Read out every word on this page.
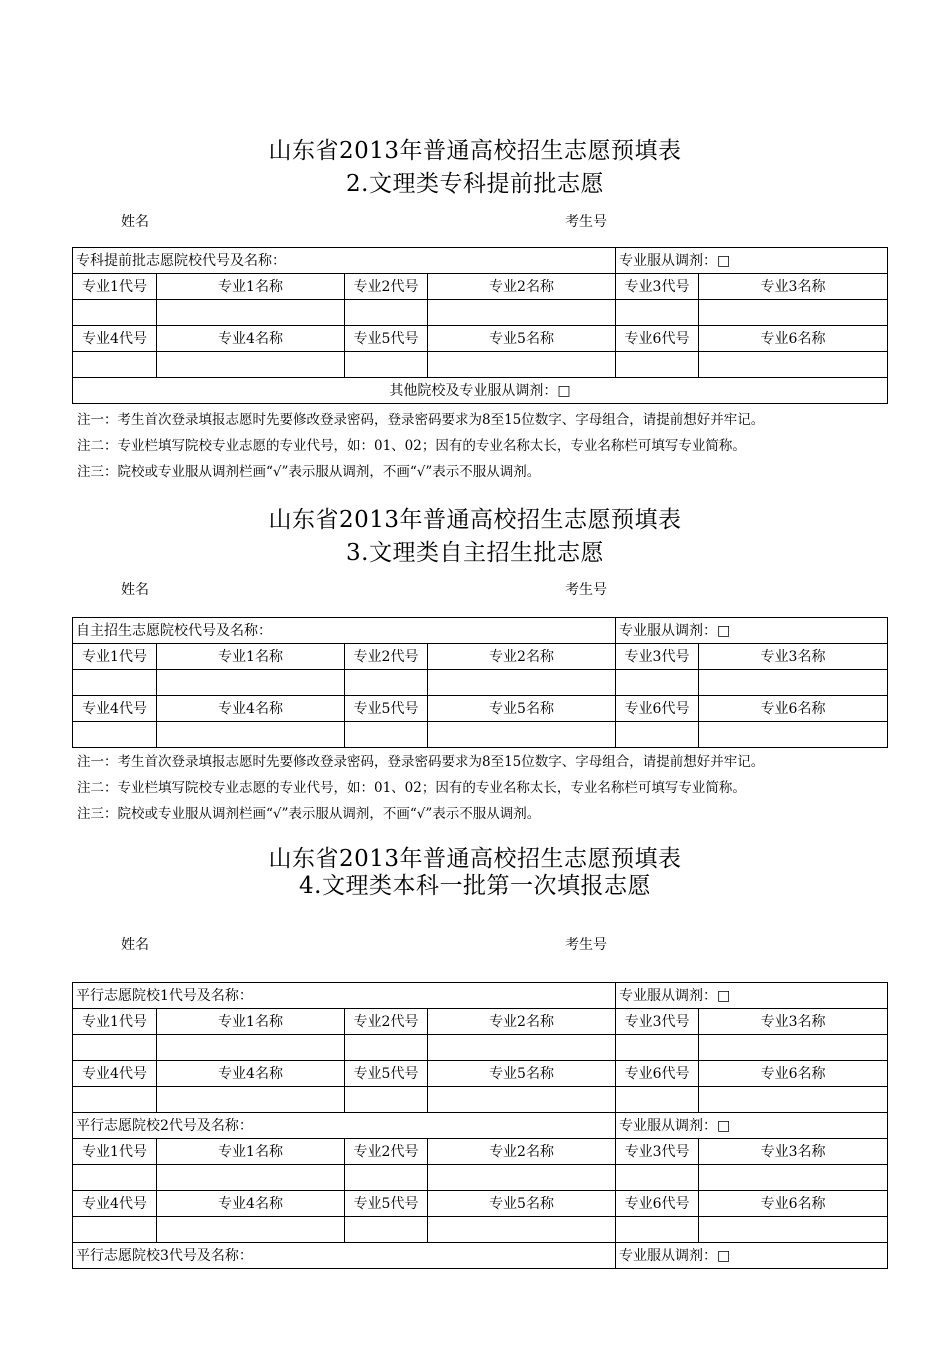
山东省2013年普通高校招生志愿预填表
2.文理类专科提前批志愿
姓名	考生号
专科提前批志愿院校代号及名称：				专业服从调剂：□	
专业1代号	专业1名称	专业2代号	专业2名称	专业3代号	专业3名称

专业4代号	专业4名称	专业5代号	专业5名称	专业6代号	专业6名称

其他院校及专业服从调剂：□					
注一：考生首次登录填报志愿时先要修改登录密码，登录密码要求为8至15位数字、字母组合，请提前想好并牢记。
注二：专业栏填写院校专业志愿的专业代号，如：01、02；因有的专业名称太长，专业名称栏可填写专业简称。
注三：院校或专业服从调剂栏画“√”表示服从调剂，不画“√”表示不服从调剂。
山东省2013年普通高校招生志愿预填表
3.文理类自主招生批志愿
姓名	考生号
自主招生志愿院校代号及名称：				专业服从调剂：□	
专业1代号	专业1名称	专业2代号	专业2名称	专业3代号	专业3名称

专业4代号	专业4名称	专业5代号	专业5名称	专业6代号	专业6名称

注一：考生首次登录填报志愿时先要修改登录密码，登录密码要求为8至15位数字、字母组合，请提前想好并牢记。
注二：专业栏填写院校专业志愿的专业代号，如：01、02；因有的专业名称太长，专业名称栏可填写专业简称。
注三：院校或专业服从调剂栏画“√”表示服从调剂，不画“√”表示不服从调剂。
山东省2013年普通高校招生志愿预填表
4.文理类本科一批第一次填报志愿
姓名	考生号
平行志愿院校1代号及名称：				专业服从调剂：□	
专业1代号	专业1名称	专业2代号	专业2名称	专业3代号	专业3名称

专业4代号	专业4名称	专业5代号	专业5名称	专业6代号	专业6名称

平行志愿院校2代号及名称：				专业服从调剂：□	
专业1代号	专业1名称	专业2代号	专业2名称	专业3代号	专业3名称

专业4代号	专业4名称	专业5代号	专业5名称	专业6代号	专业6名称

平行志愿院校3代号及名称：				专业服从调剂：□	
